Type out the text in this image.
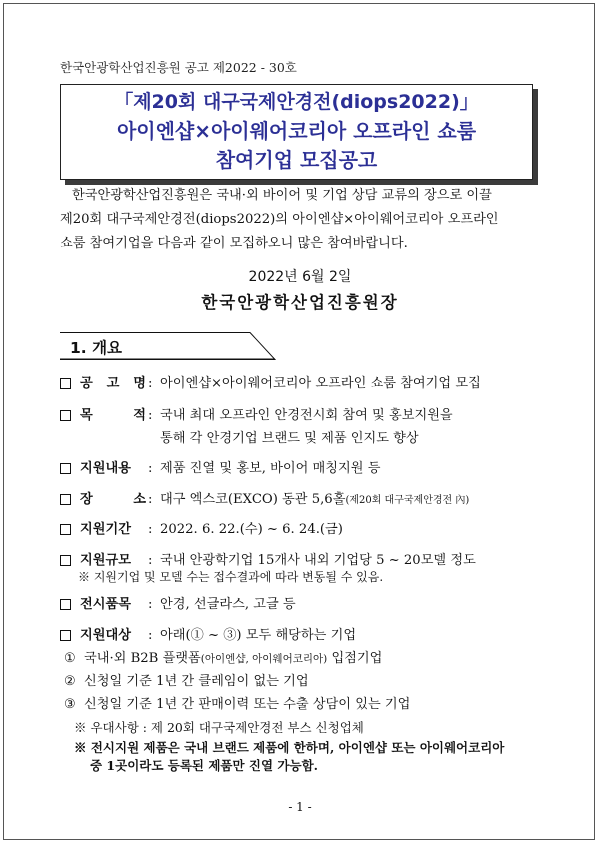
한국안광학산업진흥원 공고 제2022 - 30호
「제20회 대구국제안경전(diops2022)」
아이엔샵×아이웨어코리아 오프라인 쇼룸
참여기업 모집공고

한국안광학산업진흥원은 국내·외 바이어 및 기업 상담 교류의 장으로 이끌

제20회 대구국제안경전(diops2022)의 아이엔샵×아이웨어코리아 오프라인
쇼룸 참여기업을 다음과 같이 모집하오니 많은 참여바랍니다.
2022년 6월 2일
한국안광학산업진흥원장
1. 개요
공 고 명 : 아이엔샵×아이웨어코리아 오프라인 쇼룸 참여기업 모집
목 적 : 국내 최대 오프라인 안경전시회 참여 및 홍보지원을
통해 각 안경기업 브랜드 및 제품 인지도 향상
지원내용 : 제품 진열 및 홍보, 바이어 매칭지원 등
장 소 : 대구 엑스코(EXCO) 동관 5,6홀(제20회 대구국제안경전 內)
지원기간 : 2022. 6. 22.(수) ~ 6. 24.(금)
지원규모 : 국내 안광학기업 15개사 내외 기업당 5 ~ 20모델 정도
※ 지원기업 및 모델 수는 접수결과에 따라 변동될 수 있음.
전시품목 : 안경, 선글라스, 고글 등
지원대상 : 아래(① ~ ③) 모두 해당하는 기업
① 국내·외 B2B 플랫폼(아이엔샵, 아이웨어코리아) 입점기업
② 신청일 기준 1년 간 클레임이 없는 기업
③ 신청일 기준 1년 간 판매이력 또는 수출 상담이 있는 기업
※ 우대사항 : 제 20회 대구국제안경전 부스 신청업체
※ 전시지원 제품은 국내 브랜드 제품에 한하며, 아이엔샵 또는 아이웨어코리아
중 1곳이라도 등록된 제품만 진열 가능함.
- 1 -
